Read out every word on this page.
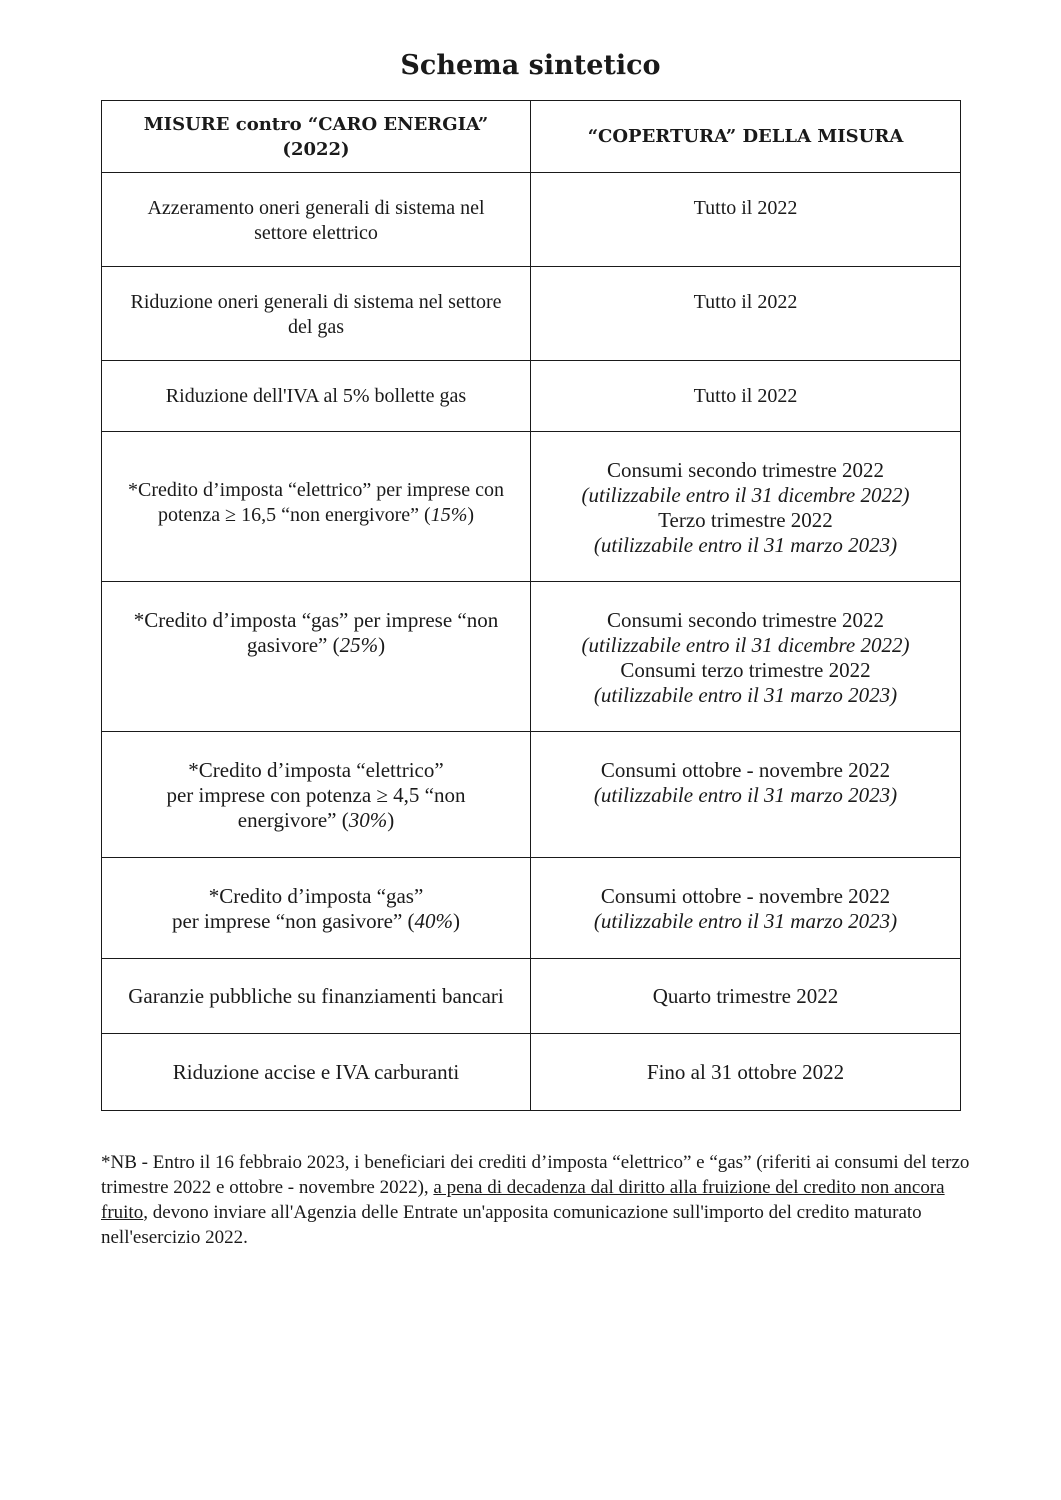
Schema sintetico
MISURE contro “CARO ENERGIA” (2022)	“COPERTURA” DELLA MISURA

Azzeramento oneri generali di sistema nel
settore elettrico	Tutto il 2022

Riduzione oneri generali di sistema nel settore
del gas	Tutto il 2022

Riduzione dell'IVA al 5% bollette gas	Tutto il 2022

*Credito d’imposta “elettrico” per imprese con
potenza ≥ 16,5 “non energivore” (15%)	Consumi secondo trimestre 2022
(utilizzabile entro il 31 dicembre 2022)
Terzo trimestre 2022
(utilizzabile entro il 31 marzo 2023)

*Credito d’imposta “gas” per imprese “non
gasivore” (25%)	Consumi secondo trimestre 2022
(utilizzabile entro il 31 dicembre 2022)
Consumi terzo trimestre 2022
(utilizzabile entro il 31 marzo 2023)

*Credito d’imposta “elettrico”
per imprese con potenza ≥ 4,5 “non
energivore” (30%)	Consumi ottobre - novembre 2022
(utilizzabile entro il 31 marzo 2023)

*Credito d’imposta “gas”
per imprese “non gasivore” (40%)	Consumi ottobre - novembre 2022
(utilizzabile entro il 31 marzo 2023)

Garanzie pubbliche su finanziamenti bancari	Quarto trimestre 2022

Riduzione accise e IVA carburanti	Fino al 31 ottobre 2022
*NB - Entro il 16 febbraio 2023, i beneficiari dei crediti d’imposta “elettrico” e “gas” (riferiti ai consumi del terzo trimestre 2022 e ottobre - novembre 2022), a pena di decadenza dal diritto alla fruizione del credito non ancora fruito, devono inviare all'Agenzia delle Entrate un'apposita comunicazione sull'importo del credito maturato nell'esercizio 2022.
